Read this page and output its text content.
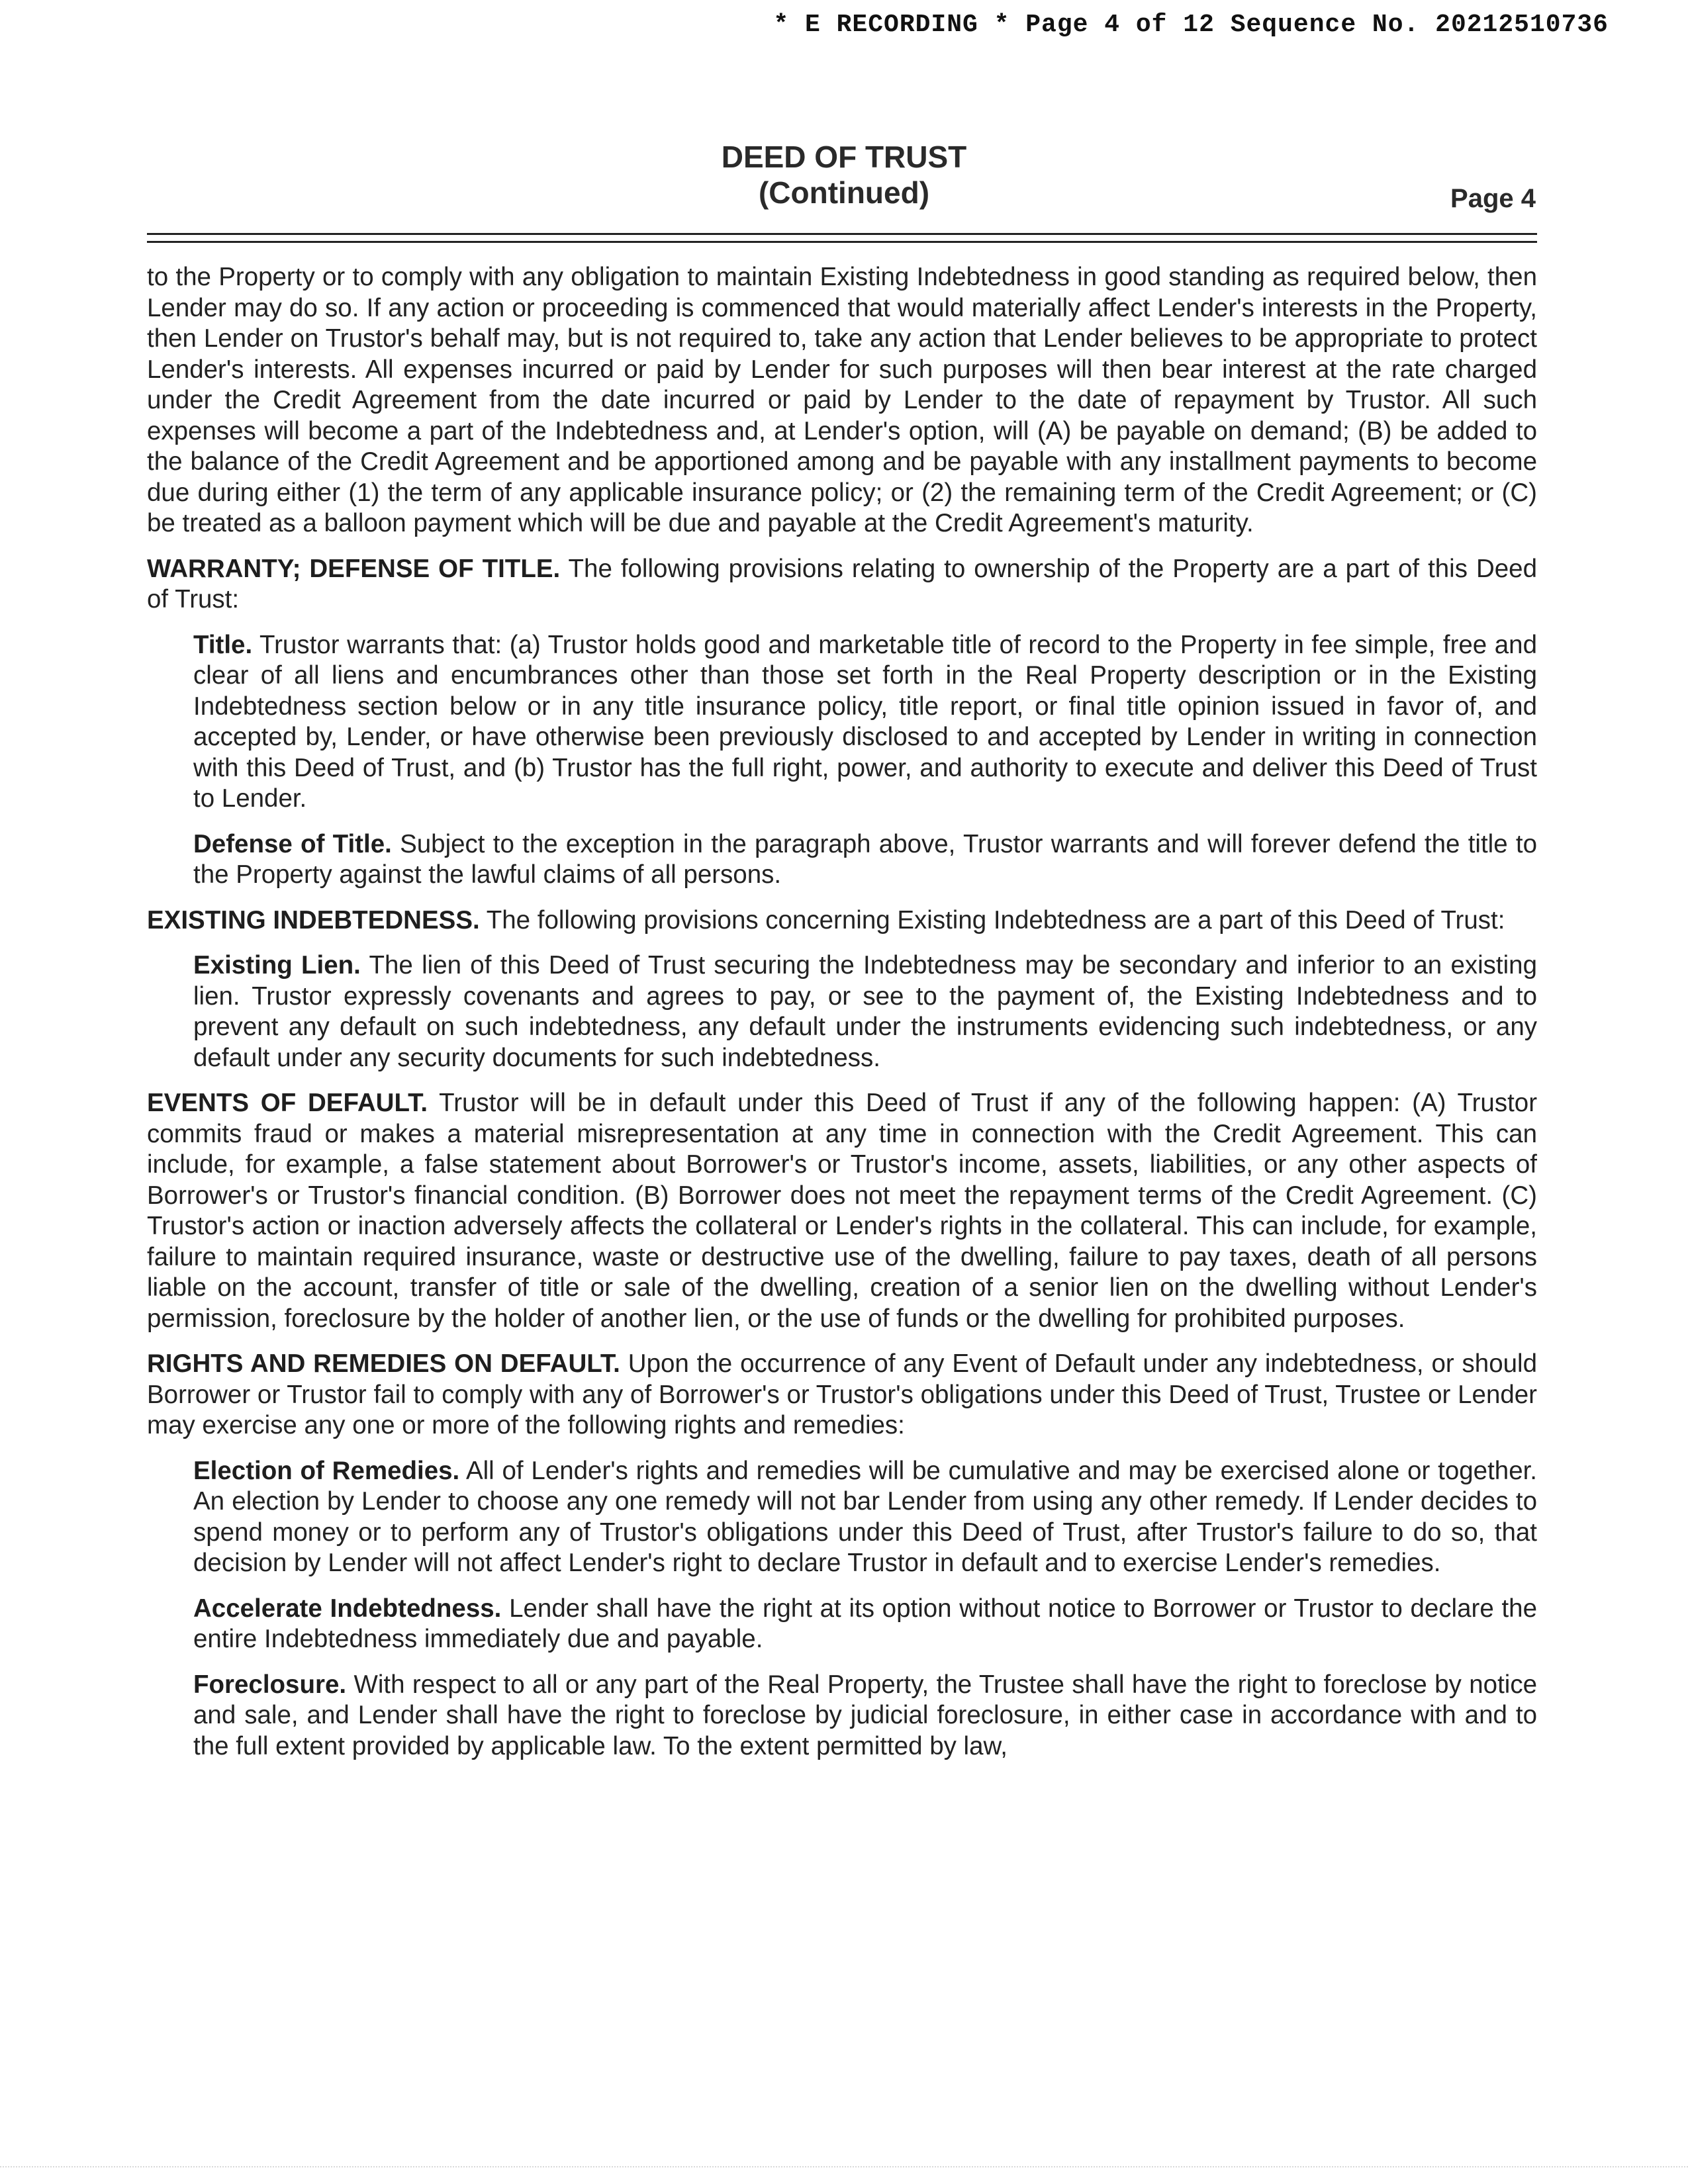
* E RECORDING * Page 4 of 12 Sequence No. 20212510736
DEED OF TRUST
(Continued)	Page 4

to the Property or to comply with any obligation to maintain Existing Indebtedness in good standing as required below, then Lender may do so. If any action or proceeding is commenced that would materially affect Lender's interests in the Property, then Lender on Trustor's behalf may, but is not required to, take any action that Lender believes to be appropriate to protect Lender's interests. All expenses incurred or paid by Lender for such purposes will then bear interest at the rate charged under the Credit Agreement from the date incurred or paid by Lender to the date of repayment by Trustor. All such expenses will become a part of the Indebtedness and, at Lender's option, will (A) be payable on demand; (B) be added to the balance of the Credit Agreement and be apportioned among and be payable with any installment payments to become due during either (1) the term of any applicable insurance policy; or (2) the remaining term of the Credit Agreement; or (C) be treated as a balloon payment which will be due and payable at the Credit Agreement's maturity.

WARRANTY; DEFENSE OF TITLE. The following provisions relating to ownership of the Property are a part of this Deed of Trust:

Title. Trustor warrants that: (a) Trustor holds good and marketable title of record to the Property in fee simple, free and clear of all liens and encumbrances other than those set forth in the Real Property description or in the Existing Indebtedness section below or in any title insurance policy, title report, or final title opinion issued in favor of, and accepted by, Lender, or have otherwise been previously disclosed to and accepted by Lender in writing in connection with this Deed of Trust, and (b) Trustor has the full right, power, and authority to execute and deliver this Deed of Trust to Lender.

Defense of Title. Subject to the exception in the paragraph above, Trustor warrants and will forever defend the title to the Property against the lawful claims of all persons.

EXISTING INDEBTEDNESS. The following provisions concerning Existing Indebtedness are a part of this Deed of Trust:

Existing Lien. The lien of this Deed of Trust securing the Indebtedness may be secondary and inferior to an existing lien. Trustor expressly covenants and agrees to pay, or see to the payment of, the Existing Indebtedness and to prevent any default on such indebtedness, any default under the instruments evidencing such indebtedness, or any default under any security documents for such indebtedness.

EVENTS OF DEFAULT. Trustor will be in default under this Deed of Trust if any of the following happen: (A) Trustor commits fraud or makes a material misrepresentation at any time in connection with the Credit Agreement. This can include, for example, a false statement about Borrower's or Trustor's income, assets, liabilities, or any other aspects of Borrower's or Trustor's financial condition. (B) Borrower does not meet the repayment terms of the Credit Agreement. (C) Trustor's action or inaction adversely affects the collateral or Lender's rights in the collateral. This can include, for example, failure to maintain required insurance, waste or destructive use of the dwelling, failure to pay taxes, death of all persons liable on the account, transfer of title or sale of the dwelling, creation of a senior lien on the dwelling without Lender's permission, foreclosure by the holder of another lien, or the use of funds or the dwelling for prohibited purposes.

RIGHTS AND REMEDIES ON DEFAULT. Upon the occurrence of any Event of Default under any indebtedness, or should Borrower or Trustor fail to comply with any of Borrower's or Trustor's obligations under this Deed of Trust, Trustee or Lender may exercise any one or more of the following rights and remedies:

Election of Remedies. All of Lender's rights and remedies will be cumulative and may be exercised alone or together. An election by Lender to choose any one remedy will not bar Lender from using any other remedy. If Lender decides to spend money or to perform any of Trustor's obligations under this Deed of Trust, after Trustor's failure to do so, that decision by Lender will not affect Lender's right to declare Trustor in default and to exercise Lender's remedies.

Accelerate Indebtedness. Lender shall have the right at its option without notice to Borrower or Trustor to declare the entire Indebtedness immediately due and payable.

Foreclosure. With respect to all or any part of the Real Property, the Trustee shall have the right to foreclose by notice and sale, and Lender shall have the right to foreclose by judicial foreclosure, in either case in accordance with and to the full extent provided by applicable law. To the extent permitted by law,
